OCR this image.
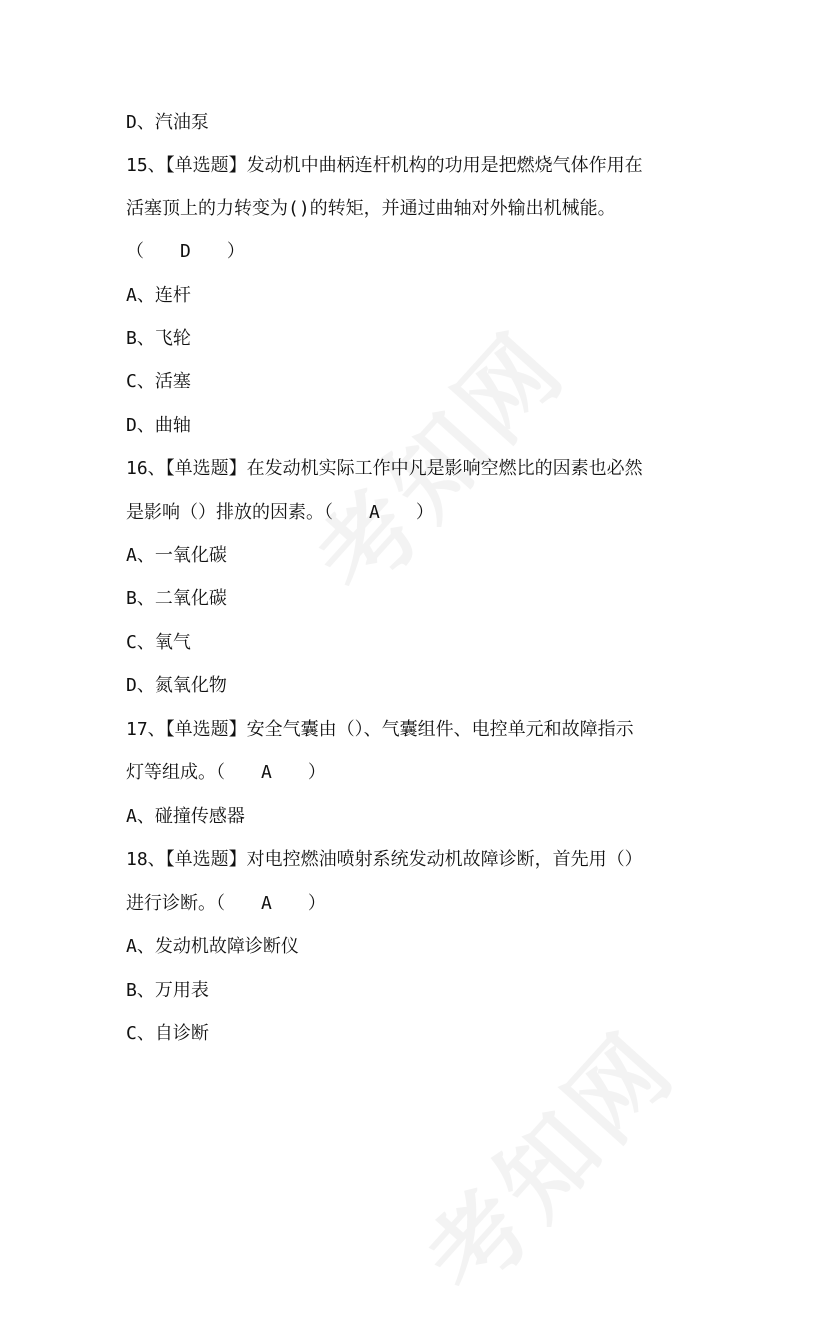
D、汽油泵
15、【单选题】发动机中曲柄连杆机构的功用是把燃烧气体作用在
活塞顶上的力转变为()的转矩，并通过曲轴对外输出机械能。
（　　D　　）
A、连杆
B、飞轮
C、活塞
D、曲轴
16、【单选题】在发动机实际工作中凡是影响空燃比的因素也必然
是影响（）排放的因素。（　　A　　）
A、一氧化碳
B、二氧化碳
C、氧气
D、氮氧化物
17、【单选题】安全气囊由（）、气囊组件、电控单元和故障指示
灯等组成。（　　A　　）
A、碰撞传感器
18、【单选题】对电控燃油喷射系统发动机故障诊断，首先用（）
进行诊断。（　　A　　）
A、发动机故障诊断仪
B、万用表
C、自诊断
